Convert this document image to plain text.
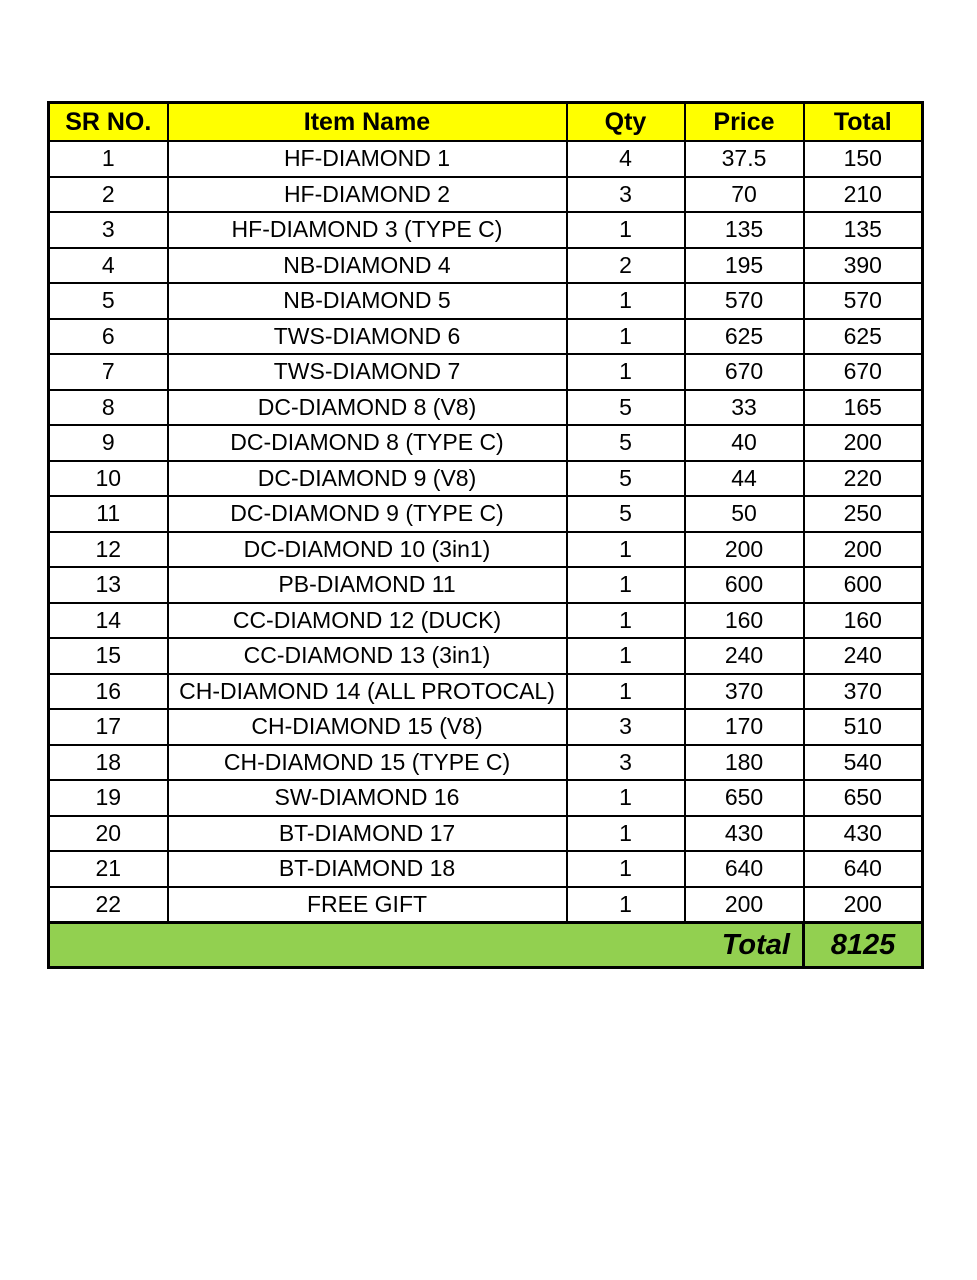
SR NO.	Item Name	Qty	Price	Total
1	HF-DIAMOND 1	4	37.5	150
2	HF-DIAMOND 2	3	70	210
3	HF-DIAMOND 3 (TYPE C)	1	135	135
4	NB-DIAMOND 4	2	195	390
5	NB-DIAMOND 5	1	570	570
6	TWS-DIAMOND 6	1	625	625
7	TWS-DIAMOND 7	1	670	670
8	DC-DIAMOND 8 (V8)	5	33	165
9	DC-DIAMOND 8 (TYPE C)	5	40	200
10	DC-DIAMOND 9 (V8)	5	44	220
11	DC-DIAMOND 9 (TYPE C)	5	50	250
12	DC-DIAMOND 10 (3in1)	1	200	200
13	PB-DIAMOND 11	1	600	600
14	CC-DIAMOND 12 (DUCK)	1	160	160
15	CC-DIAMOND 13 (3in1)	1	240	240
16	CH-DIAMOND 14 (ALL PROTOCAL)	1	370	370
17	CH-DIAMOND 15 (V8)	3	170	510
18	CH-DIAMOND 15 (TYPE C)	3	180	540
19	SW-DIAMOND 16	1	650	650
20	BT-DIAMOND 17	1	430	430
21	BT-DIAMOND 18	1	640	640
22	FREE GIFT	1	200	200
Total				8125
